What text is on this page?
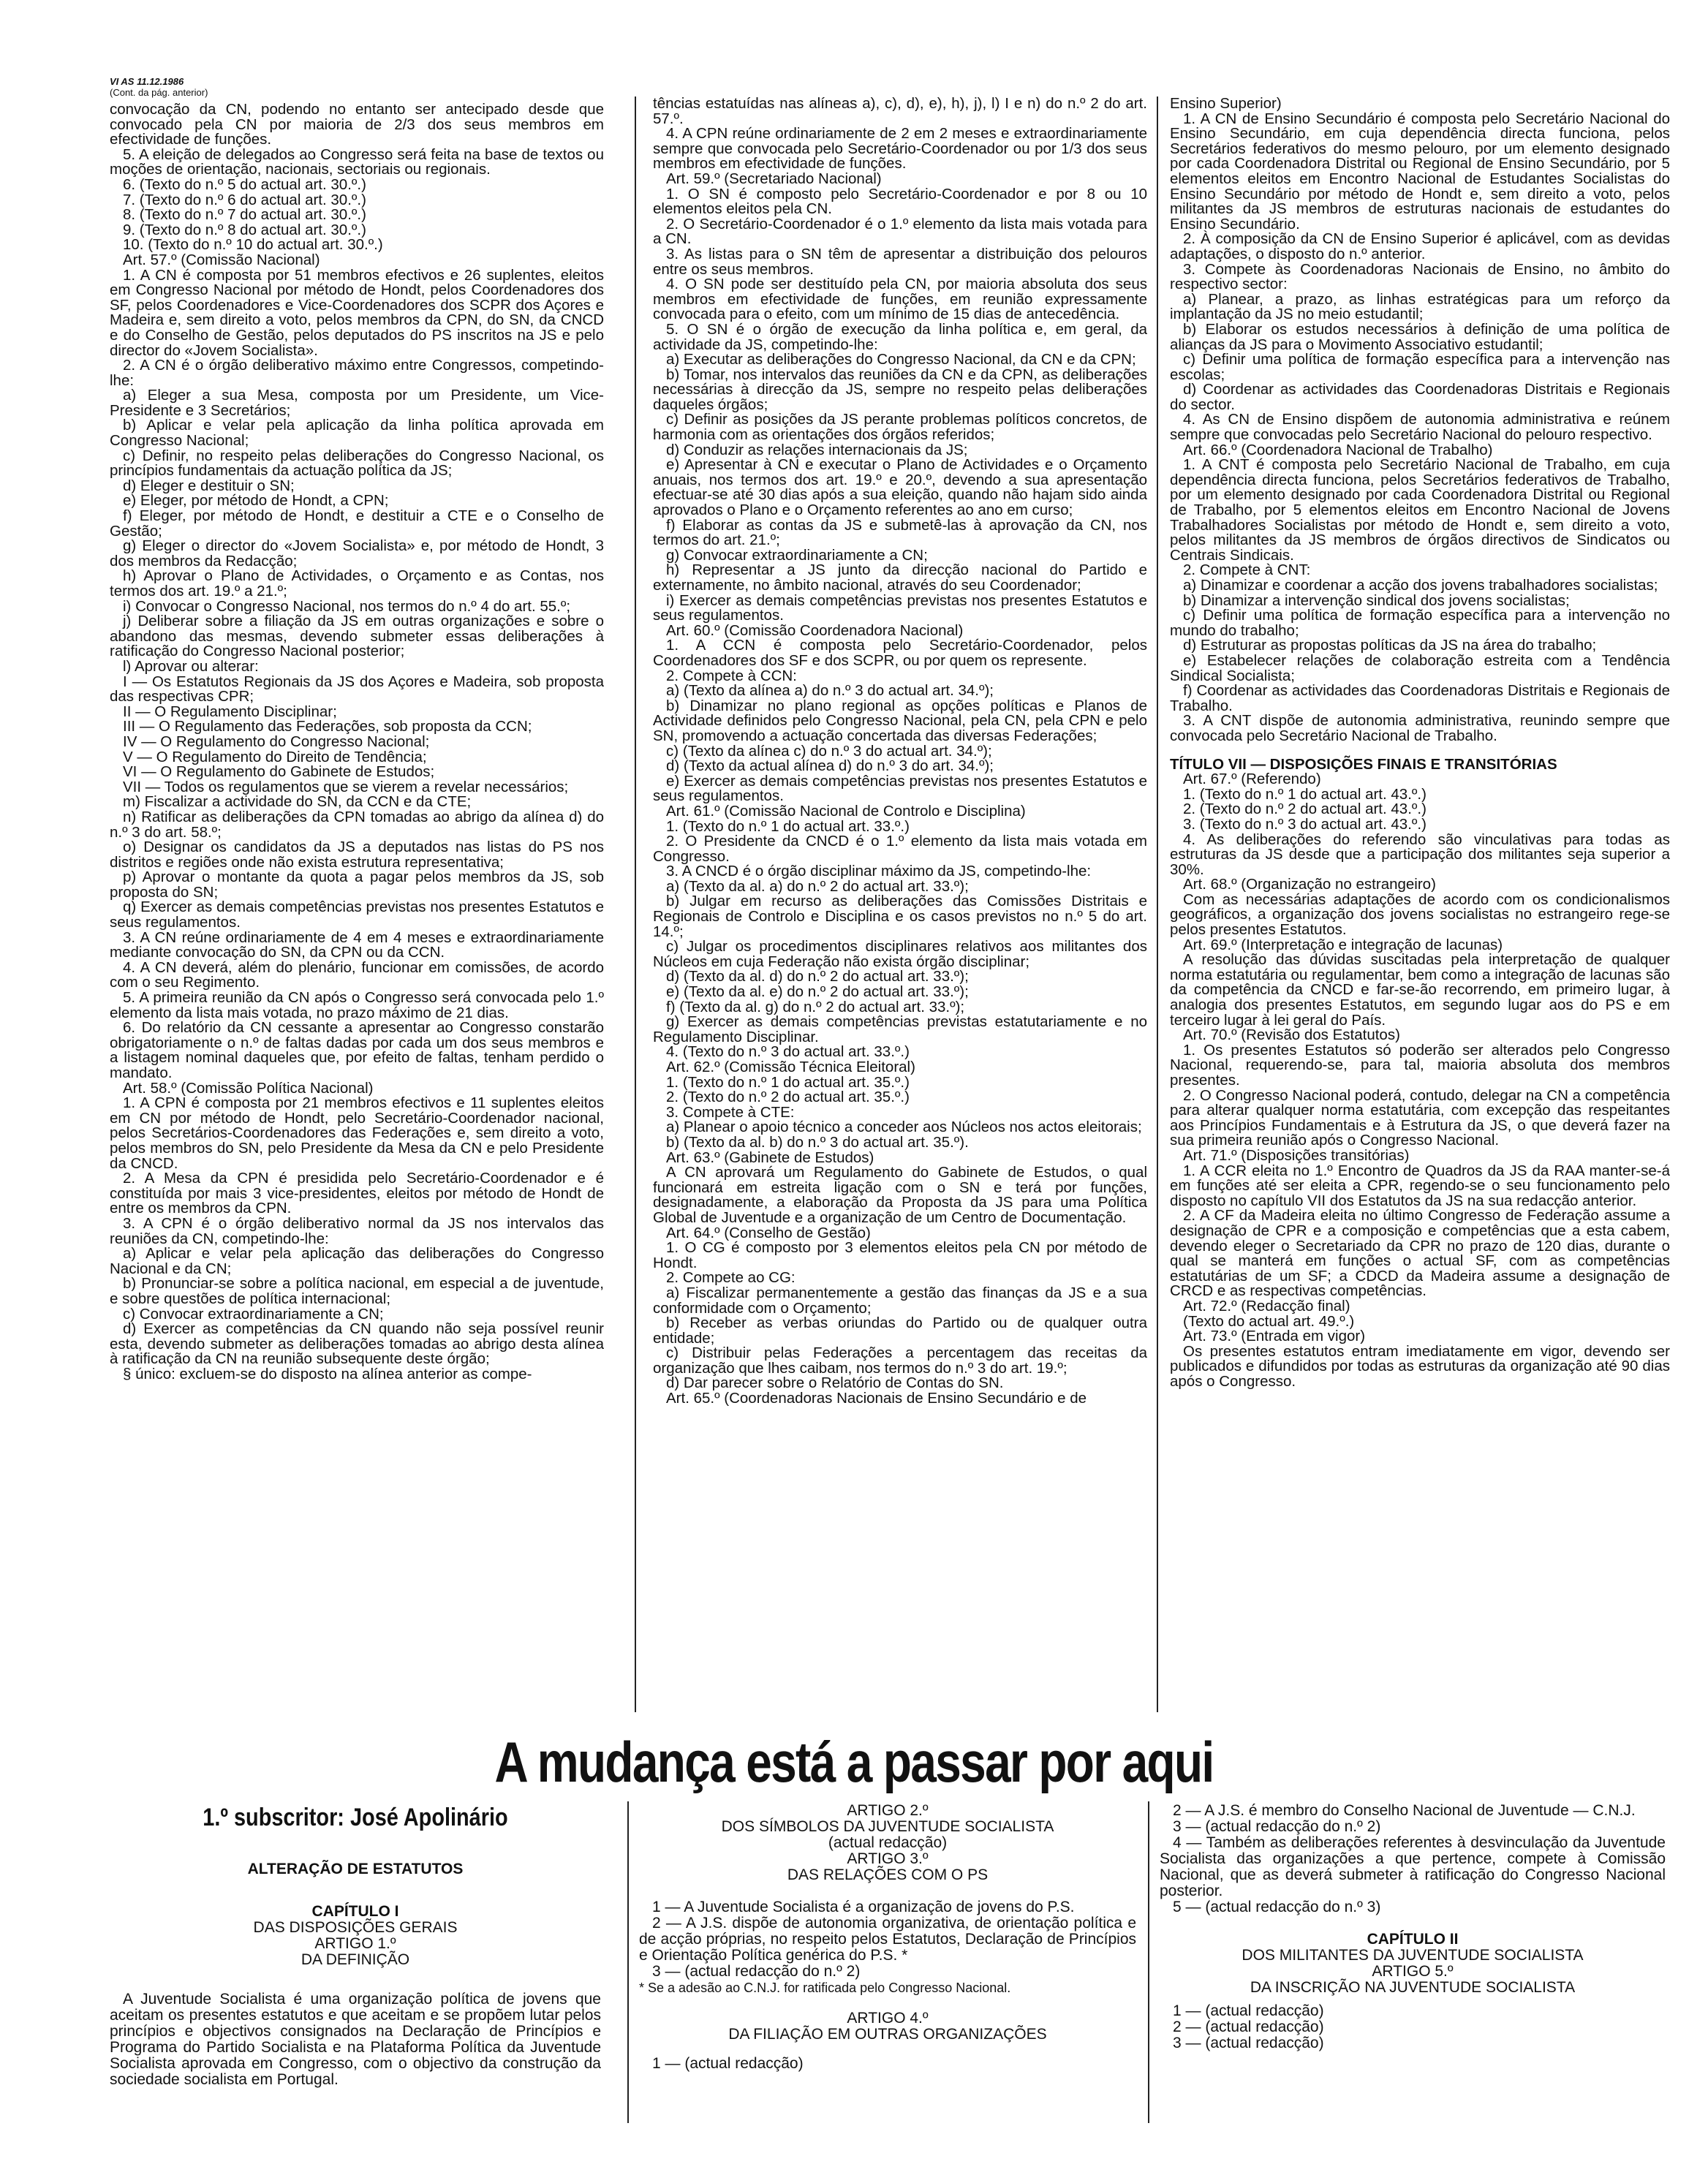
VI AS 11.12.1986
(Cont. da pág. anterior)

convocação da CN, podendo no entanto ser antecipado desde que convocado pela CN por maioria de 2/3 dos seus membros em efectividade de funções.

5. A eleição de delegados ao Congresso será feita na base de textos ou moções de orientação, nacionais, sectoriais ou regionais.

6. (Texto do n.º 5 do actual art. 30.º.)

7. (Texto do n.º 6 do actual art. 30.º.)

8. (Texto do n.º 7 do actual art. 30.º.)

9. (Texto do n.º 8 do actual art. 30.º.)

10. (Texto do n.º 10 do actual art. 30.º.)

Art. 57.º (Comissão Nacional)

1. A CN é composta por 51 membros efectivos e 26 suplentes, eleitos em Congresso Nacional por método de Hondt, pelos Coordenadores dos SF, pelos Coordenadores e Vice-Coordenadores dos SCPR dos Açores e Madeira e, sem direito a voto, pelos membros da CPN, do SN, da CNCD e do Conselho de Gestão, pelos deputados do PS inscritos na JS e pelo director do «Jovem Socialista».

2. A CN é o órgão deliberativo máximo entre Congressos, competindo-lhe:

a) Eleger a sua Mesa, composta por um Presidente, um Vice-Presidente e 3 Secretários;

b) Aplicar e velar pela aplicação da linha política aprovada em Congresso Nacional;

c) Definir, no respeito pelas deliberações do Congresso Nacional, os princípios fundamentais da actuação política da JS;

d) Eleger e destituir o SN;

e) Eleger, por método de Hondt, a CPN;

f) Eleger, por método de Hondt, e destituir a CTE e o Conselho de Gestão;

g) Eleger o director do «Jovem Socialista» e, por método de Hondt, 3 dos membros da Redacção;

h) Aprovar o Plano de Actividades, o Orçamento e as Contas, nos termos dos art. 19.º a 21.º;

i) Convocar o Congresso Nacional, nos termos do n.º 4 do art. 55.º;

j) Deliberar sobre a filiação da JS em outras organizações e sobre o abandono das mesmas, devendo submeter essas deliberações à ratificação do Congresso Nacional posterior;

l) Aprovar ou alterar:

I — Os Estatutos Regionais da JS dos Açores e Madeira, sob proposta das respectivas CPR;

II — O Regulamento Disciplinar;

III — O Regulamento das Federações, sob proposta da CCN;

IV — O Regulamento do Congresso Nacional;

V — O Regulamento do Direito de Tendência;

VI — O Regulamento do Gabinete de Estudos;

VII — Todos os regulamentos que se vierem a revelar necessários;

m) Fiscalizar a actividade do SN, da CCN e da CTE;

n) Ratificar as deliberações da CPN tomadas ao abrigo da alínea d) do n.º 3 do art. 58.º;

o) Designar os candidatos da JS a deputados nas listas do PS nos distritos e regiões onde não exista estrutura representativa;

p) Aprovar o montante da quota a pagar pelos membros da JS, sob proposta do SN;

q) Exercer as demais competências previstas nos presentes Estatutos e seus regulamentos.

3. A CN reúne ordinariamente de 4 em 4 meses e extraordinariamente mediante convocação do SN, da CPN ou da CCN.

4. A CN deverá, além do plenário, funcionar em comissões, de acordo com o seu Regimento.

5. A primeira reunião da CN após o Congresso será convocada pelo 1.º elemento da lista mais votada, no prazo máximo de 21 dias.

6. Do relatório da CN cessante a apresentar ao Congresso constarão obrigatoriamente o n.º de faltas dadas por cada um dos seus membros e a listagem nominal daqueles que, por efeito de faltas, tenham perdido o mandato.

Art. 58.º (Comissão Política Nacional)

1. A CPN é composta por 21 membros efectivos e 11 suplentes eleitos em CN por método de Hondt, pelo Secretário-Coordenador nacional, pelos Secretários-Coordenadores das Federações e, sem direito a voto, pelos membros do SN, pelo Presidente da Mesa da CN e pelo Presidente da CNCD.

2. A Mesa da CPN é presidida pelo Secretário-Coordenador e é constituída por mais 3 vice-presidentes, eleitos por método de Hondt de entre os membros da CPN.

3. A CPN é o órgão deliberativo normal da JS nos intervalos das reuniões da CN, competindo-lhe:

a) Aplicar e velar pela aplicação das deliberações do Congresso Nacional e da CN;

b) Pronunciar-se sobre a política nacional, em especial a de juventude, e sobre questões de política internacional;

c) Convocar extraordinariamente a CN;

d) Exercer as competências da CN quando não seja possível reunir esta, devendo submeter as deliberações tomadas ao abrigo desta alínea à ratificação da CN na reunião subsequente deste órgão;

§ único: excluem-se do disposto na alínea anterior as compe-

tências estatuídas nas alíneas a), c), d), e), h), j), l) I e n) do n.º 2 do art. 57.º.

4. A CPN reúne ordinariamente de 2 em 2 meses e extraordinariamente sempre que convocada pelo Secretário-Coordenador ou por 1/3 dos seus membros em efectividade de funções.

Art. 59.º (Secretariado Nacional)

1. O SN é composto pelo Secretário-Coordenador e por 8 ou 10 elementos eleitos pela CN.

2. O Secretário-Coordenador é o 1.º elemento da lista mais votada para a CN.

3. As listas para o SN têm de apresentar a distribuição dos pelouros entre os seus membros.

4. O SN pode ser destituído pela CN, por maioria absoluta dos seus membros em efectividade de funções, em reunião expressamente convocada para o efeito, com um mínimo de 15 dias de antecedência.

5. O SN é o órgão de execução da linha política e, em geral, da actividade da JS, competindo-lhe:

a) Executar as deliberações do Congresso Nacional, da CN e da CPN;

b) Tomar, nos intervalos das reuniões da CN e da CPN, as deliberações necessárias à direcção da JS, sempre no respeito pelas deliberações daqueles órgãos;

c) Definir as posições da JS perante problemas políticos concretos, de harmonia com as orientações dos órgãos referidos;

d) Conduzir as relações internacionais da JS;

e) Apresentar à CN e executar o Plano de Actividades e o Orçamento anuais, nos termos dos art. 19.º e 20.º, devendo a sua apresentação efectuar-se até 30 dias após a sua eleição, quando não hajam sido ainda aprovados o Plano e o Orçamento referentes ao ano em curso;

f) Elaborar as contas da JS e submetê-las à aprovação da CN, nos termos do art. 21.º;

g) Convocar extraordinariamente a CN;

h) Representar a JS junto da direcção nacional do Partido e externamente, no âmbito nacional, através do seu Coordenador;

i) Exercer as demais competências previstas nos presentes Estatutos e seus regulamentos.

Art. 60.º (Comissão Coordenadora Nacional)

1. A CCN é composta pelo Secretário-Coordenador, pelos Coordenadores dos SF e dos SCPR, ou por quem os represente.

2. Compete à CCN:

a) (Texto da alínea a) do n.º 3 do actual art. 34.º);

b) Dinamizar no plano regional as opções políticas e Planos de Actividade definidos pelo Congresso Nacional, pela CN, pela CPN e pelo SN, promovendo a actuação concertada das diversas Federações;

c) (Texto da alínea c) do n.º 3 do actual art. 34.º);

d) (Texto da actual alínea d) do n.º 3 do art. 34.º);

e) Exercer as demais competências previstas nos presentes Estatutos e seus regulamentos.

Art. 61.º (Comissão Nacional de Controlo e Disciplina)

1. (Texto do n.º 1 do actual art. 33.º.)

2. O Presidente da CNCD é o 1.º elemento da lista mais votada em Congresso.

3. A CNCD é o órgão disciplinar máximo da JS, competindo-lhe:

a) (Texto da al. a) do n.º 2 do actual art. 33.º);

b) Julgar em recurso as deliberações das Comissões Distritais e Regionais de Controlo e Disciplina e os casos previstos no n.º 5 do art. 14.º;

c) Julgar os procedimentos disciplinares relativos aos militantes dos Núcleos em cuja Federação não exista órgão disciplinar;

d) (Texto da al. d) do n.º 2 do actual art. 33.º);

e) (Texto da al. e) do n.º 2 do actual art. 33.º);

f) (Texto da al. g) do n.º 2 do actual art. 33.º);

g) Exercer as demais competências previstas estatutariamente e no Regulamento Disciplinar.

4. (Texto do n.º 3 do actual art. 33.º.)

Art. 62.º (Comissão Técnica Eleitoral)

1. (Texto do n.º 1 do actual art. 35.º.)

2. (Texto do n.º 2 do actual art. 35.º.)

3. Compete à CTE:

a) Planear o apoio técnico a conceder aos Núcleos nos actos eleitorais;

b) (Texto da al. b) do n.º 3 do actual art. 35.º).

Art. 63.º (Gabinete de Estudos)

A CN aprovará um Regulamento do Gabinete de Estudos, o qual funcionará em estreita ligação com o SN e terá por funções, designadamente, a elaboração da Proposta da JS para uma Política Global de Juventude e a organização de um Centro de Documentação.

Art. 64.º (Conselho de Gestão)

1. O CG é composto por 3 elementos eleitos pela CN por método de Hondt.

2. Compete ao CG:

a) Fiscalizar permanentemente a gestão das finanças da JS e a sua conformidade com o Orçamento;

b) Receber as verbas oriundas do Partido ou de qualquer outra entidade;

c) Distribuir pelas Federações a percentagem das receitas da organização que lhes caibam, nos termos do n.º 3 do art. 19.º;

d) Dar parecer sobre o Relatório de Contas do SN.

Art. 65.º (Coordenadoras Nacionais de Ensino Secundário e de

Ensino Superior)

1. A CN de Ensino Secundário é composta pelo Secretário Nacional do Ensino Secundário, em cuja dependência directa funciona, pelos Secretários federativos do mesmo pelouro, por um elemento designado por cada Coordenadora Distrital ou Regional de Ensino Secundário, por 5 elementos eleitos em Encontro Nacional de Estudantes Socialistas do Ensino Secundário por método de Hondt e, sem direito a voto, pelos militantes da JS membros de estruturas nacionais de estudantes do Ensino Secundário.

2. À composição da CN de Ensino Superior é aplicável, com as devidas adaptações, o disposto do n.º anterior.

3. Compete às Coordenadoras Nacionais de Ensino, no âmbito do respectivo sector:

a) Planear, a prazo, as linhas estratégicas para um reforço da implantação da JS no meio estudantil;

b) Elaborar os estudos necessários à definição de uma política de alianças da JS para o Movimento Associativo estudantil;

c) Definir uma política de formação específica para a intervenção nas escolas;

d) Coordenar as actividades das Coordenadoras Distritais e Regionais do sector.

4. As CN de Ensino dispõem de autonomia administrativa e reúnem sempre que convocadas pelo Secretário Nacional do pelouro respectivo.

Art. 66.º (Coordenadora Nacional de Trabalho)

1. A CNT é composta pelo Secretário Nacional de Trabalho, em cuja dependência directa funciona, pelos Secretários federativos de Trabalho, por um elemento designado por cada Coordenadora Distrital ou Regional de Trabalho, por 5 elementos eleitos em Encontro Nacional de Jovens Trabalhadores Socialistas por método de Hondt e, sem direito a voto, pelos militantes da JS membros de órgãos directivos de Sindicatos ou Centrais Sindicais.

2. Compete à CNT:

a) Dinamizar e coordenar a acção dos jovens trabalhadores socialistas;

b) Dinamizar a intervenção sindical dos jovens socialistas;

c) Definir uma política de formação específica para a intervenção no mundo do trabalho;

d) Estruturar as propostas políticas da JS na área do trabalho;

e) Estabelecer relações de colaboração estreita com a Tendência Sindical Socialista;

f) Coordenar as actividades das Coordenadoras Distritais e Regionais de Trabalho.

3. A CNT dispõe de autonomia administrativa, reunindo sempre que convocada pelo Secretário Nacional de Trabalho.

TÍTULO VII — DISPOSIÇÕES FINAIS E TRANSITÓRIAS

Art. 67.º (Referendo)

1. (Texto do n.º 1 do actual art. 43.º.)

2. (Texto do n.º 2 do actual art. 43.º.)

3. (Texto do n.º 3 do actual art. 43.º.)

4. As deliberações do referendo são vinculativas para todas as estruturas da JS desde que a participação dos militantes seja superior a 30%.

Art. 68.º (Organização no estrangeiro)

Com as necessárias adaptações de acordo com os condicionalismos geográficos, a organização dos jovens socialistas no estrangeiro rege-se pelos presentes Estatutos.

Art. 69.º (Interpretação e integração de lacunas)

A resolução das dúvidas suscitadas pela interpretação de qualquer norma estatutária ou regulamentar, bem como a integração de lacunas são da competência da CNCD e far-se-ão recorrendo, em primeiro lugar, à analogia dos presentes Estatutos, em segundo lugar aos do PS e em terceiro lugar à lei geral do País.

Art. 70.º (Revisão dos Estatutos)

1. Os presentes Estatutos só poderão ser alterados pelo Congresso Nacional, requerendo-se, para tal, maioria absoluta dos membros presentes.

2. O Congresso Nacional poderá, contudo, delegar na CN a competência para alterar qualquer norma estatutária, com excepção das respeitantes aos Princípios Fundamentais e à Estrutura da JS, o que deverá fazer na sua primeira reunião após o Congresso Nacional.

Art. 71.º (Disposições transitórias)

1. A CCR eleita no 1.º Encontro de Quadros da JS da RAA manter-se-á em funções até ser eleita a CPR, regendo-se o seu funcionamento pelo disposto no capítulo VII dos Estatutos da JS na sua redacção anterior.

2. A CF da Madeira eleita no último Congresso de Federação assume a designação de CPR e a composição e competências que a esta cabem, devendo eleger o Secretariado da CPR no prazo de 120 dias, durante o qual se manterá em funções o actual SF, com as competências estatutárias de um SF; a CDCD da Madeira assume a designação de CRCD e as respectivas competências.

Art. 72.º (Redacção final)

(Texto do actual art. 49.º.)

Art. 73.º (Entrada em vigor)

Os presentes estatutos entram imediatamente em vigor, devendo ser publicados e difundidos por todas as estruturas da organização até 90 dias após o Congresso.

A mudança está a passar por aqui
1.º subscritor: José Apolinário
ALTERAÇÃO DE ESTATUTOS
CAPÍTULO I
DAS DISPOSIÇÕES GERAIS
ARTIGO 1.º
DA DEFINIÇÃO

A Juventude Socialista é uma organização política de jovens que aceitam os presentes estatutos e que aceitam e se propõem lutar pelos princípios e objectivos consignados na Declaração de Princípios e Programa do Partido Socialista e na Plataforma Política da Juventude Socialista aprovada em Congresso, com o objectivo da construção da sociedade socialista em Portugal.

ARTIGO 2.º
DOS SÍMBOLOS DA JUVENTUDE SOCIALISTA
(actual redacção)
ARTIGO 3.º
DAS RELAÇÕES COM O PS

1 — A Juventude Socialista é a organização de jovens do P.S.

2 — A J.S. dispõe de autonomia organizativa, de orientação política e de acção próprias, no respeito pelos Estatutos, Declaração de Princípios e Orientação Política genérica do P.S. *

3 — (actual redacção do n.º 2)

* Se a adesão ao C.N.J. for ratificada pelo Congresso Nacional.

ARTIGO 4.º
DA FILIAÇÃO EM OUTRAS ORGANIZAÇÕES

1 — (actual redacção)

2 — A J.S. é membro do Conselho Nacional de Juventude — C.N.J.

3 — (actual redacção do n.º 2)

4 — Também as deliberações referentes à desvinculação da Juventude Socialista das organizações a que pertence, compete à Comissão Nacional, que as deverá submeter à ratificação do Congresso Nacional posterior.

5 — (actual redacção do n.º 3)

CAPÍTULO II
DOS MILITANTES DA JUVENTUDE SOCIALISTA
ARTIGO 5.º
DA INSCRIÇÃO NA JUVENTUDE SOCIALISTA

1 — (actual redacção)

2 — (actual redacção)

3 — (actual redacção)
